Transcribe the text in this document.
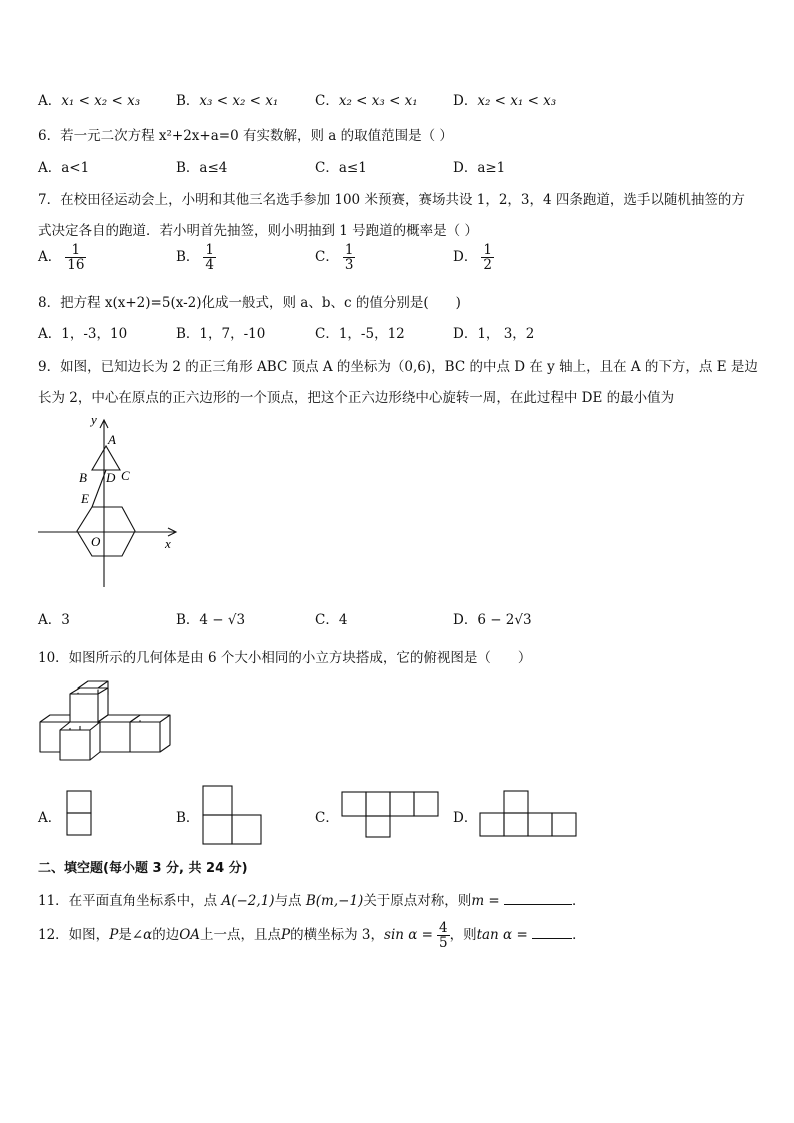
A．x₁ < x₂ < x₃	B．x₃ < x₂ < x₁	C．x₂ < x₃ < x₁	D．x₂ < x₁ < x₃
6．若一元二次方程 x²+2x+a=0 有实数解，则 a 的取值范围是（ ）
A．a<1	B．a≤4	C．a≤1	D．a≥1
7．在校田径运动会上，小明和其他三名选手参加 100 米预赛，赛场共设 1，2，3，4 四条跑道，选手以随机抽签的方
式决定各自的跑道．若小明首先抽签，则小明抽到 1 号跑道的概率是（ ）
A． $\frac{1}{16}$	B． $\frac{1}{4}$	C． $\frac{1}{3}$	D． $\frac{1}{2}$
8．把方程 x(x+2)=5(x-2)化成一般式，则 a、b、c 的值分别是(　　)
A．1，-3，10	B．1，7，-10	C．1，-5，12	D．1， 3，2
9．如图，已知边长为 2 的正三角形 ABC 顶点 A 的坐标为（0,6)，BC 的中点 D 在 y 轴上，且在 A 的下方，点 E 是边
长为 2，中心在原点的正六边形的一个顶点，把这个正六边形绕中心旋转一周，在此过程中 DE 的最小值为
y
A
B D C
E
O	x
A．3	B．4 − √3	C．4	D．6 − 2√3
10．如图所示的几何体是由 6 个大小相同的小立方块搭成，它的俯视图是（　　）
A．	B．	C．	D．
二、填空题(每小题 3 分, 共 24 分)
11．在平面直角坐标系中，点 A(−2,1)与点 B(m,−1)关于原点对称，则m =	．
12．如图，P是∠α的边OA上一点，且点P的横坐标为 3，$\sin \alpha = \frac{4}{5}$ ，则tan α =	．
